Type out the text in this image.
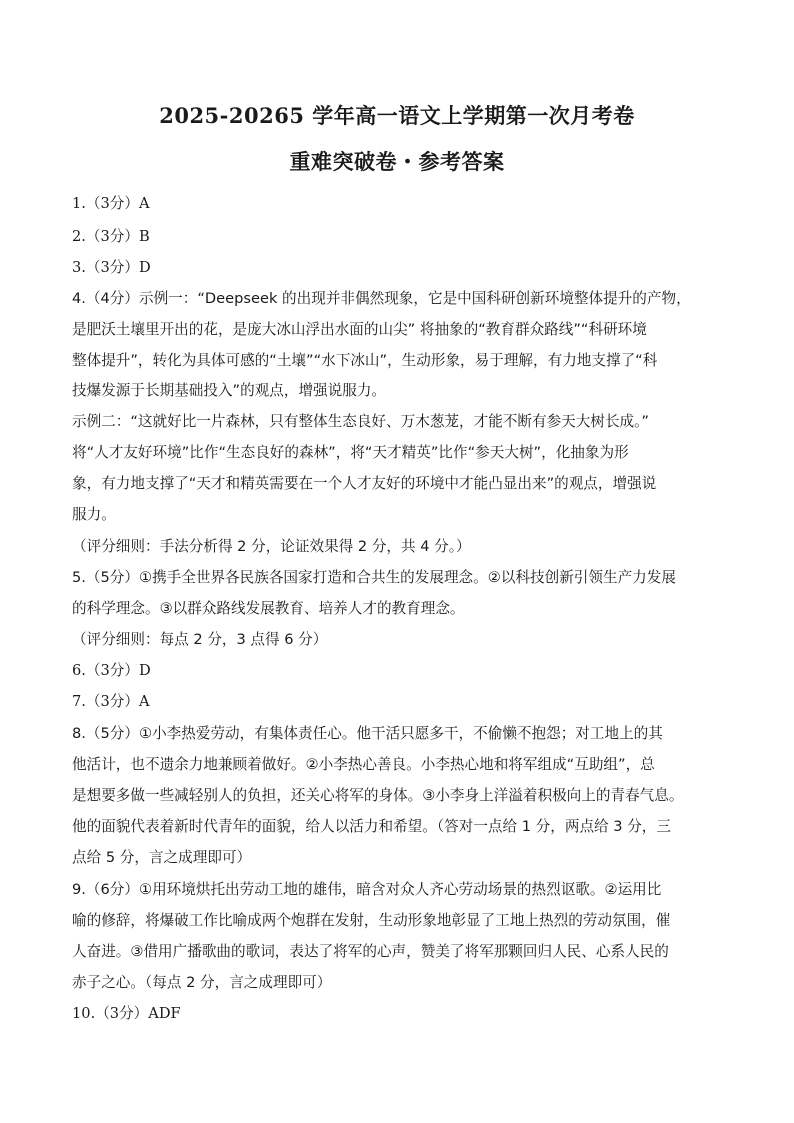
2025-20265 学年高一语文上学期第一次月考卷
重难突破卷・参考答案
1.（3分）A
2.（3分）B
3.（3分）D
4.（4分）示例一：“Deepseek 的出现并非偶然现象，它是中国科研创新环境整体提升的产物，
是肥沃土壤里开出的花，是庞大冰山浮出水面的山尖” 将抽象的“教育群众路线”“科研环境
整体提升”，转化为具体可感的“土壤”“水下冰山”，生动形象，易于理解，有力地支撑了“科
技爆发源于长期基础投入”的观点，增强说服力。
示例二：“这就好比一片森林，只有整体生态良好、万木葱茏，才能不断有参天大树长成。”
将“人才友好环境”比作“生态良好的森林”，将“天才精英”比作“参天大树”，化抽象为形
象，有力地支撑了“天才和精英需要在一个人才友好的环境中才能凸显出来”的观点，增强说
服力。
（评分细则：手法分析得 2 分，论证效果得 2 分，共 4 分。）
5.（5分）①携手全世界各民族各国家打造和合共生的发展理念。②以科技创新引领生产力发展
的科学理念。③以群众路线发展教育、培养人才的教育理念。
（评分细则：每点 2 分，3 点得 6 分）
6.（3分）D
7.（3分）A
8.（5分）①小李热爱劳动，有集体责任心。他干活只愿多干，不偷懒不抱怨；对工地上的其
他活计，也不遗余力地兼顾着做好。②小李热心善良。小李热心地和将军组成“互助组”，总
是想要多做一些减轻别人的负担，还关心将军的身体。③小李身上洋溢着积极向上的青春气息。
他的面貌代表着新时代青年的面貌，给人以活力和希望。（答对一点给 1 分，两点给 3 分，三
点给 5 分，言之成理即可）
9.（6分）①用环境烘托出劳动工地的雄伟，暗含对众人齐心劳动场景的热烈讴歌。②运用比
喻的修辞，将爆破工作比喻成两个炮群在发射，生动形象地彰显了工地上热烈的劳动氛围，催
人奋进。③借用广播歌曲的歌词，表达了将军的心声，赞美了将军那颗回归人民、心系人民的
赤子之心。（每点 2 分，言之成理即可）
10.（3分）ADF
